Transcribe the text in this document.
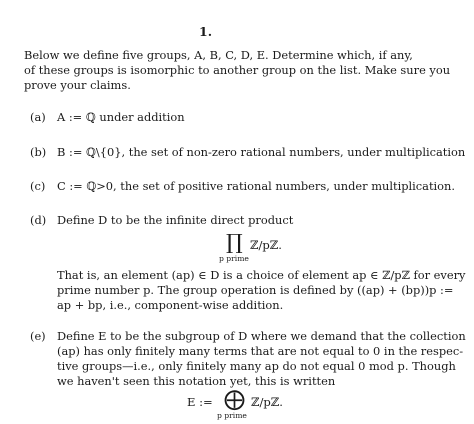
1.
Below we define five groups, A, B, C, D, E. Determine which, if any,
of these groups is isomorphic to another group on the list. Make sure you
prove your claims.
(a) A := ℚ under addition
(b) B := ℚ\{0}, the set of non-zero rational numbers, under multiplication
(c) C := ℚ>0, the set of positive rational numbers, under multiplication.
(d) Define D to be the infinite direct product
∏ ℤ/pℤ.
p prime
That is, an element (ap) ∈ D is a choice of element ap ∈ ℤ/pℤ for every
prime number p. The group operation is defined by ((ap) + (bp))p :=
ap + bp, i.e., component-wise addition.
(e) Define E to be the subgroup of D where we demand that the collection
(ap) has only finitely many terms that are not equal to 0 in the respec-
tive groups—i.e., only finitely many ap do not equal 0 mod p. Though
we haven't seen this notation yet, this is written
E := ⨁ ℤ/pℤ.
p prime
